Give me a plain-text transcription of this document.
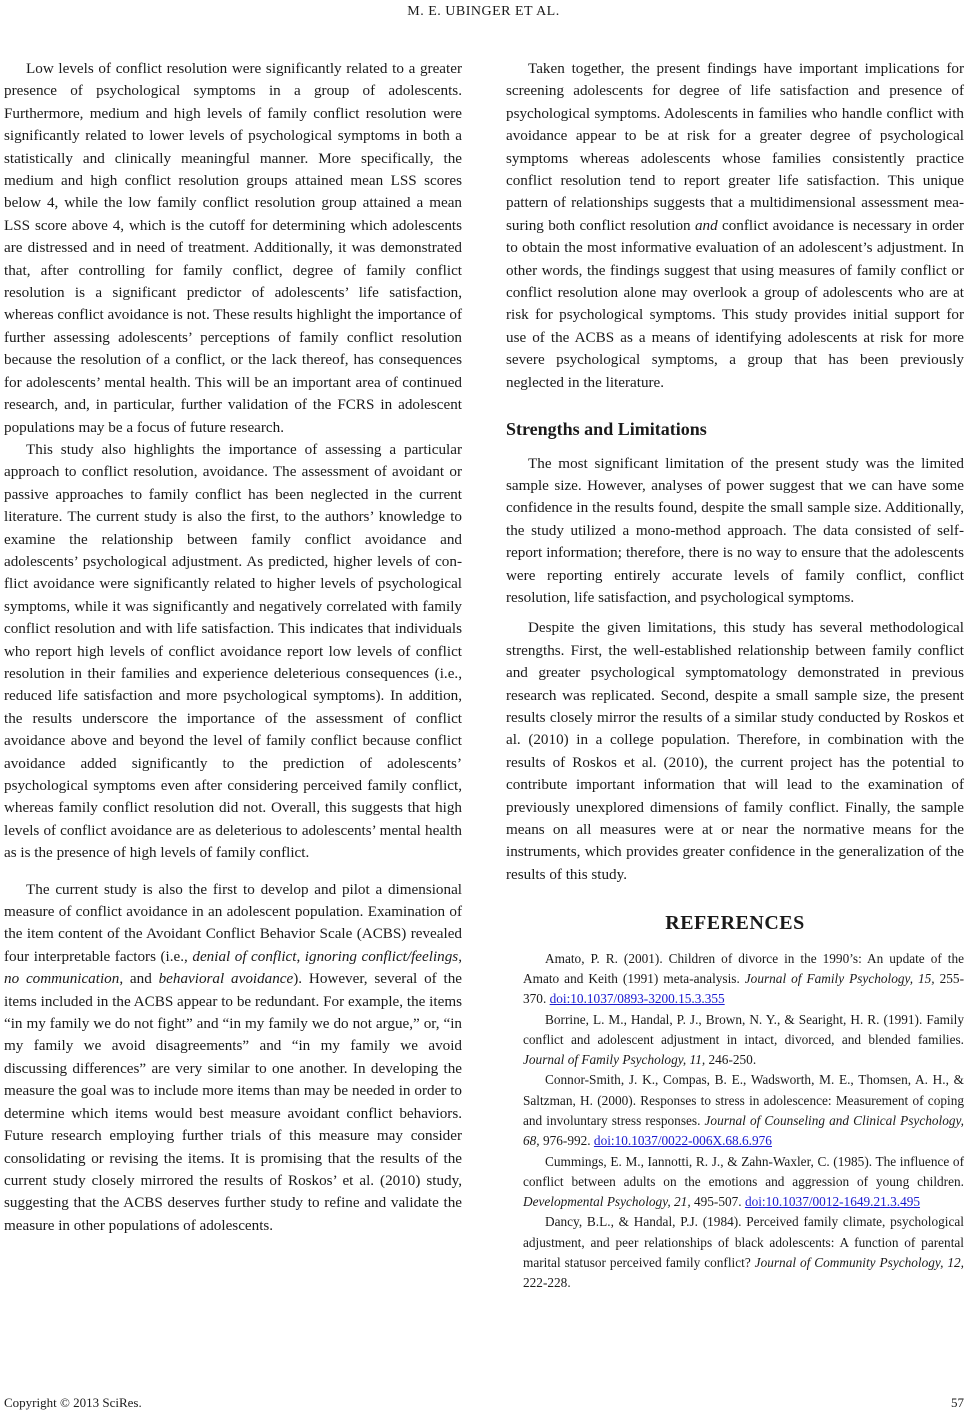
M. E. UBINGER ET AL.

Low levels of conflict resolution were significantly related to a greater presence of psychological symptoms in a group of adolescents. Furthermore, medium and high levels of family conflict resolution were significantly related to lower levels of psychological symptoms in both a statistically and clinically meaningful manner. More specifically, the medium and high conflict resolution groups attained mean LSS scores below 4, while the low family conflict resolution group attained a mean LSS score above 4, which is the cutoff for determining which adolescents are distressed and in need of treatment. Additionally, it was demonstrated that, after controlling for family conflict, degree of family conflict resolution is a significant predictor of adolescents’ life satisfaction, whereas conflict avoidance is not. These results highlight the importance of further assessing adolescents’ perceptions of family conflict resolution because the resolution of a conflict, or the lack thereof, has consequences for adolescents’ mental health. This will be an important area of continued research, and, in particular, further validation of the FCRS in adolescent populations may be a focus of future research.

This study also highlights the importance of assessing a particular approach to conflict resolution, avoidance. The assessment of avoidant or passive approaches to family conflict has been neglected in the current literature. The current study is also the first, to the authors’ knowledge to examine the relationship between family conflict avoidance and adolescents’ psychological adjustment. As predicted, higher levels of conflict avoidance were significantly related to higher levels of psychological symptoms, while it was significantly and negatively correlated with family conflict resolution and with life satisfaction. This indicates that individuals who report high levels of conflict avoidance report low levels of conflict resolution in their families and experience deleterious consequences (i.e., reduced life satisfaction and more psychological symptoms). In addition, the results underscore the importance of the assessment of conflict avoidance above and beyond the level of family conflict because conflict avoidance added significantly to the prediction of adolescents’ psychological symptoms even after considering perceived family conflict, whereas family conflict resolution did not. Overall, this suggests that high levels of conflict avoidance are as deleterious to adolescents’ mental health as is the presence of high levels of family conflict.

The current study is also the first to develop and pilot a dimensional measure of conflict avoidance in an adolescent population. Examination of the item content of the Avoidant Conflict Behavior Scale (ACBS) revealed four interpretable factors (i.e., denial of conflict, ignoring conflict/feelings, no communication, and behavioral avoidance). However, several of the items included in the ACBS appear to be redundant. For example, the items “in my family we do not fight” and “in my family we do not argue,” or, “in my family we avoid disagreements” and “in my family we avoid discussing differences” are very similar to one another. In developing the measure the goal was to include more items than may be needed in order to determine which items would best measure avoidant conflict behaviors. Future research employing further trials of this measure may consider consolidating or revising the items. It is promising that the results of the current study closely mirrored the results of Roskos’ et al. (2010) study, suggesting that the ACBS deserves further study to refine and validate the measure in other populations of adolescents.

Taken together, the present findings have important implications for screening adolescents for degree of life satisfaction and presence of psychological symptoms. Adolescents in families who handle conflict with avoidance appear to be at risk for a greater degree of psychological symptoms whereas adolescents whose families consistently practice conflict resolution tend to report greater life satisfaction. This unique pattern of relationships suggests that a multidimensional assessment measuring both conflict resolution and conflict avoidance is necessary in order to obtain the most informative evaluation of an adolescent’s adjustment. In other words, the findings suggest that using measures of family conflict or conflict resolution alone may overlook a group of adolescents who are at risk for psychological symptoms. This study provides initial support for use of the ACBS as a means of identifying adolescents at risk for more severe psychological symptoms, a group that has been previously neglected in the literature.

Strengths and Limitations

The most significant limitation of the present study was the limited sample size. However, analyses of power suggest that we can have some confidence in the results found, despite the small sample size. Additionally, the study utilized a mono-method approach. The data consisted of self-report information; therefore, there is no way to ensure that the adolescents were reporting entirely accurate levels of family conflict, conflict resolution, life satisfaction, and psychological symptoms.

Despite the given limitations, this study has several methodological strengths. First, the well-established relationship between family conflict and greater psychological symptomatology demonstrated in previous research was replicated. Second, despite a small sample size, the present results closely mirror the results of a similar study conducted by Roskos et al. (2010) in a college population. Therefore, in combination with the results of Roskos et al. (2010), the current project has the potential to contribute important information that will lead to the examination of previously unexplored dimensions of family conflict. Finally, the sample means on all measures were at or near the normative means for the instruments, which provides greater confidence in the generalization of the results of this study.

REFERENCES

Amato, P. R. (2001). Children of divorce in the 1990’s: An update of the Amato and Keith (1991) meta-analysis. Journal of Family Psychology, 15, 255-370. doi:10.1037/0893-3200.15.3.355

Borrine, L. M., Handal, P. J., Brown, N. Y., & Searight, H. R. (1991). Family conflict and adolescent adjustment in intact, divorced, and blended families. Journal of Family Psychology, 11, 246-250.

Connor-Smith, J. K., Compas, B. E., Wadsworth, M. E., Thomsen, A. H., & Saltzman, H. (2000). Responses to stress in adolescence: Measurement of coping and involuntary stress responses. Journal of Counseling and Clinical Psychology, 68, 976-992. doi:10.1037/0022-006X.68.6.976

Cummings, E. M., Iannotti, R. J., & Zahn-Waxler, C. (1985). The influence of conflict between adults on the emotions and aggression of young children. Developmental Psychology, 21, 495-507. doi:10.1037/0012-1649.21.3.495

Dancy, B.L., & Handal, P.J. (1984). Perceived family climate, psychological adjustment, and peer relationships of black adolescents: A function of parental marital statusor perceived family conflict? Journal of Community Psychology, 12, 222-228.

Copyright © 2013 SciRes.	57
